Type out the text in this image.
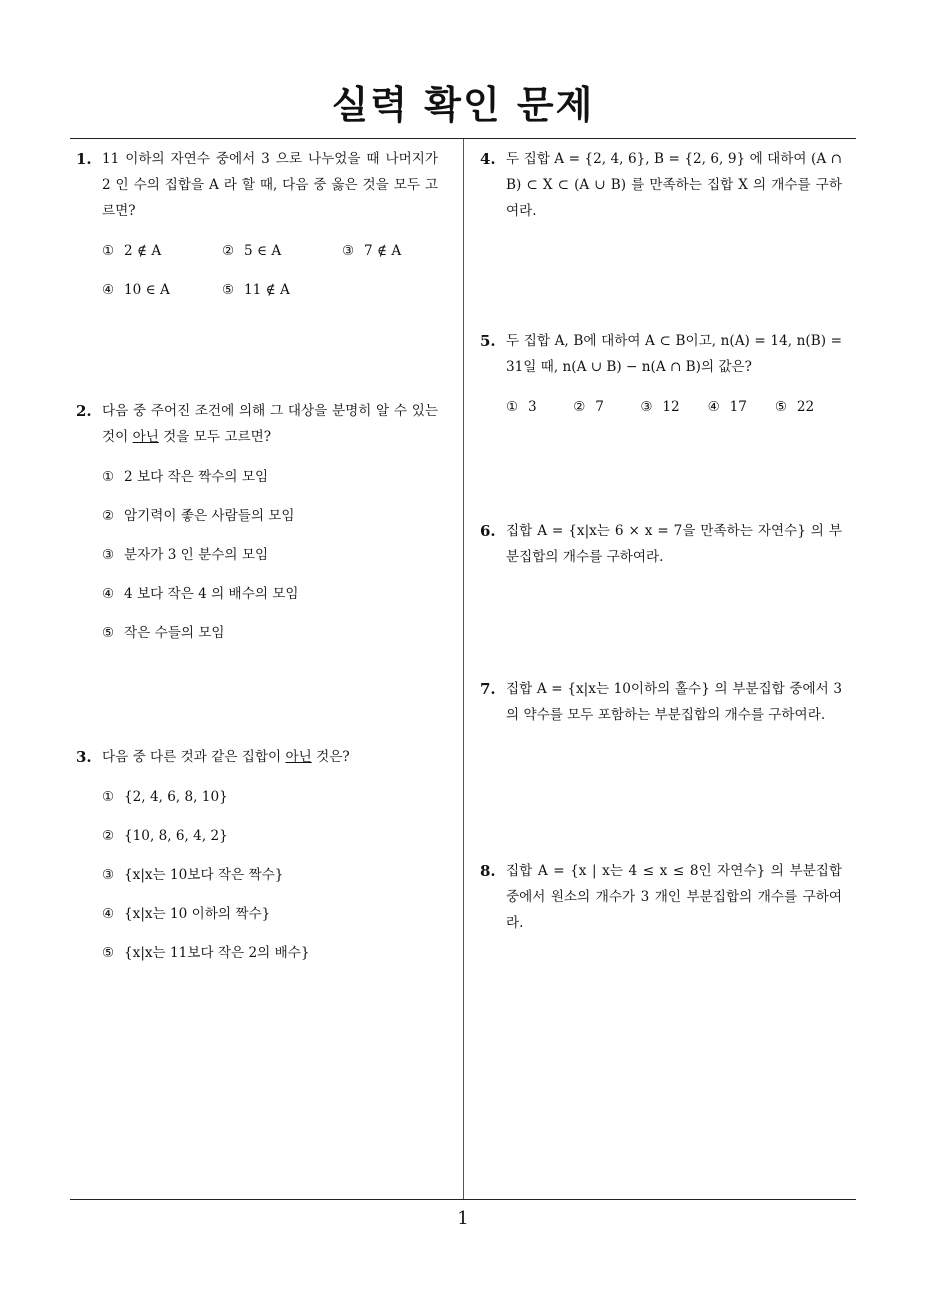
실력 확인 문제
1. 11 이하의 자연수 중에서 3 으로 나누었을 때 나머지가 2 인 수의 집합을 A 라 할 때, 다음 중 옳은 것을 모두 고르면?
① 2 ∉ A	② 5 ∈ A	③ 7 ∉ A
④ 10 ∈ A	⑤ 11 ∉ A
2. 다음 중 주어진 조건에 의해 그 대상을 분명히 알 수 있는 것이 아닌 것을 모두 고르면?
① 2 보다 작은 짝수의 모임
② 암기력이 좋은 사람들의 모임
③ 분자가 3 인 분수의 모임
④ 4 보다 작은 4 의 배수의 모임
⑤ 작은 수들의 모임
3. 다음 중 다른 것과 같은 집합이 아닌 것은?
① {2, 4, 6, 8, 10}
② {10, 8, 6, 4, 2}
③ {x|x는 10보다 작은 짝수}
④ {x|x는 10 이하의 짝수}
⑤ {x|x는 11보다 작은 2의 배수}
4. 두 집합 A = {2, 4, 6}, B = {2, 6, 9} 에 대하여 (A ∩ B) ⊂ X ⊂ (A ∪ B) 를 만족하는 집합 X 의 개수를 구하여라.
5. 두 집합 A, B에 대하여 A ⊂ B이고, n(A) = 14, n(B) = 31일 때, n(A ∪ B) − n(A ∩ B)의 값은?
① 3	② 7	③ 12	④ 17	⑤ 22
6. 집합 A = {x|x는 6 × x = 7을 만족하는 자연수} 의 부분집합의 개수를 구하여라.
7. 집합 A = {x|x는 10이하의 홀수} 의 부분집합 중에서 3 의 약수를 모두 포함하는 부분집합의 개수를 구하여라.
8. 집합 A = {x | x는 4 ≤ x ≤ 8인 자연수} 의 부분집합 중에서 원소의 개수가 3 개인 부분집합의 개수를 구하여라.
1
